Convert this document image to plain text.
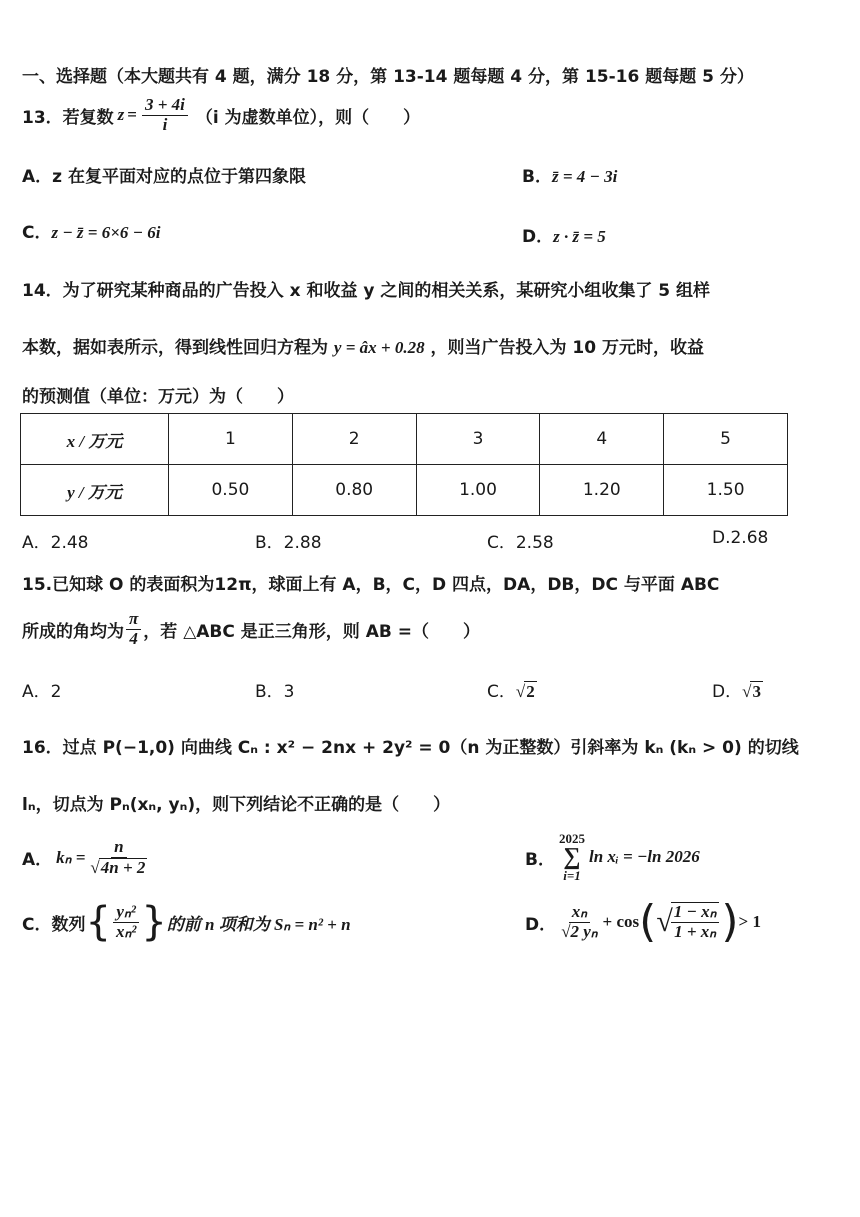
一、选择题（本大题共有 4 题，满分 18 分，第 13-14 题每题 4 分，第 15-16 题每题 5 分）
13． 若复数 $z = \frac{3 + 4i}{i} (i$ 为虚数单位），则（　　）
A．z 在复平面对应的点位于第四象限	B．z̄ = 4 − 3i
C．z − z̄ = 6×6 − 6i	D．z · z̄ = 5
14．为了研究某种商品的广告投入 x 和收益 y 之间的相关关系，某研究小组收集了 5 组样
本数，据如表所示，得到线性回归方程为 y = âx + 0.28 ，则当广告投入为 10 万元时，收益
的预测值（单位：万元）为（　　）
x / 万元	1	2	3	4	5
y / 万元	0.50	0.80	1.00	1.20	1.50
A．2.48	B．2.88	C．2.58	D.2.68
15.已知球 O 的表面积为12π，球面上有 A，B，C，D 四点，DA，DB，DC 与平面 ABC
所成的角均为 $\frac{\pi}{4}$ ，若 △ABC 是正三角形，则 AB =（　　）
A．2	B．3	C．√2	D．√3
16．过点 P(−1,0) 向曲线 Cₙ : x² − 2nx + 2y² = 0（n 为正整数）引斜率为 kₙ (kₙ > 0) 的切线
lₙ，切点为 Pₙ(xₙ, yₙ)，则下列结论不正确的是（　　）
A． $k_n = \frac{n}{√4n + 2}$	B．
2025
∑
i=1
ln xᵢ = −ln 2026
C． 数列 { $\frac{\text{yₙ²}}{\text{xₙ²}}$ } 的前 n 项和为 Sₙ = n² + n	D． $\frac{\text{xₙ}}{\text{√2 yₙ}} + \cos$ ( √
$\frac{\text{1 − xₙ}}{\text{1 + xₙ}}$ ) > 1
